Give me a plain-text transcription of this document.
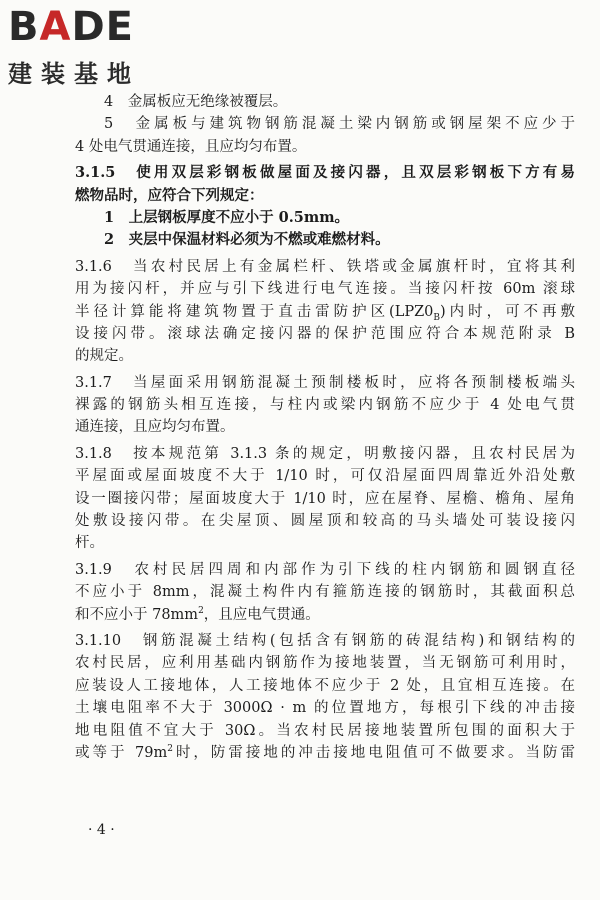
BADE
建装基地
4　金属板应无绝缘被覆层。
5　金属板与建筑物钢筋混凝土梁内钢筋或钢屋架不应少于
4 处电气贯通连接，且应均匀布置。
3.1.5　使用双层彩钢板做屋面及接闪器，且双层彩钢板下方有易
燃物品时，应符合下列规定：
1　上层钢板厚度不应小于 0.5mm。
2　夹层中保温材料必须为不燃或难燃材料。
3.1.6　当农村民居上有金属栏杆、铁塔或金属旗杆时，宜将其利
用为接闪杆，并应与引下线进行电气连接。当接闪杆按 60m 滚球
半径计算能将建筑物置于直击雷防护区$(LPZ0_B)$内时，可不再敷
设接闪带。滚球法确定接闪器的保护范围应符合本规范附录 B
的规定。
3.1.7　当屋面采用钢筋混凝土预制楼板时，应将各预制楼板端头
裸露的钢筋头相互连接，与柱内或梁内钢筋不应少于 4 处电气贯
通连接，且应均匀布置。
3.1.8　按本规范第 3.1.3 条的规定，明敷接闪器，且农村民居为
平屋面或屋面坡度不大于 1/10 时，可仅沿屋面四周靠近外沿处敷
设一圈接闪带；屋面坡度大于 1/10 时，应在屋脊、屋檐、檐角、屋角
处敷设接闪带。在尖屋顶、圆屋顶和较高的马头墙处可装设接闪
杆。
3.1.9　农村民居四周和内部作为引下线的柱内钢筋和圆钢直径
不应小于 8mm，混凝土构件内有箍筋连接的钢筋时，其截面积总
和不应小于 $78mm^2$，且应电气贯通。
3.1.10　钢筋混凝土结构(包括含有钢筋的砖混结构)和钢结构的
农村民居，应利用基础内钢筋作为接地装置，当无钢筋可利用时，
应装设人工接地体，人工接地体不应少于 2 处，且宜相互连接。在
土壤电阻率不大于 3000Ω · m 的位置地方，每根引下线的冲击接
地电阻值不宜大于 30Ω。当农村民居接地装置所包围的面积大于
或等于 $79m^2$时，防雷接地的冲击接地电阻值可不做要求。当防雷
· 4 ·
